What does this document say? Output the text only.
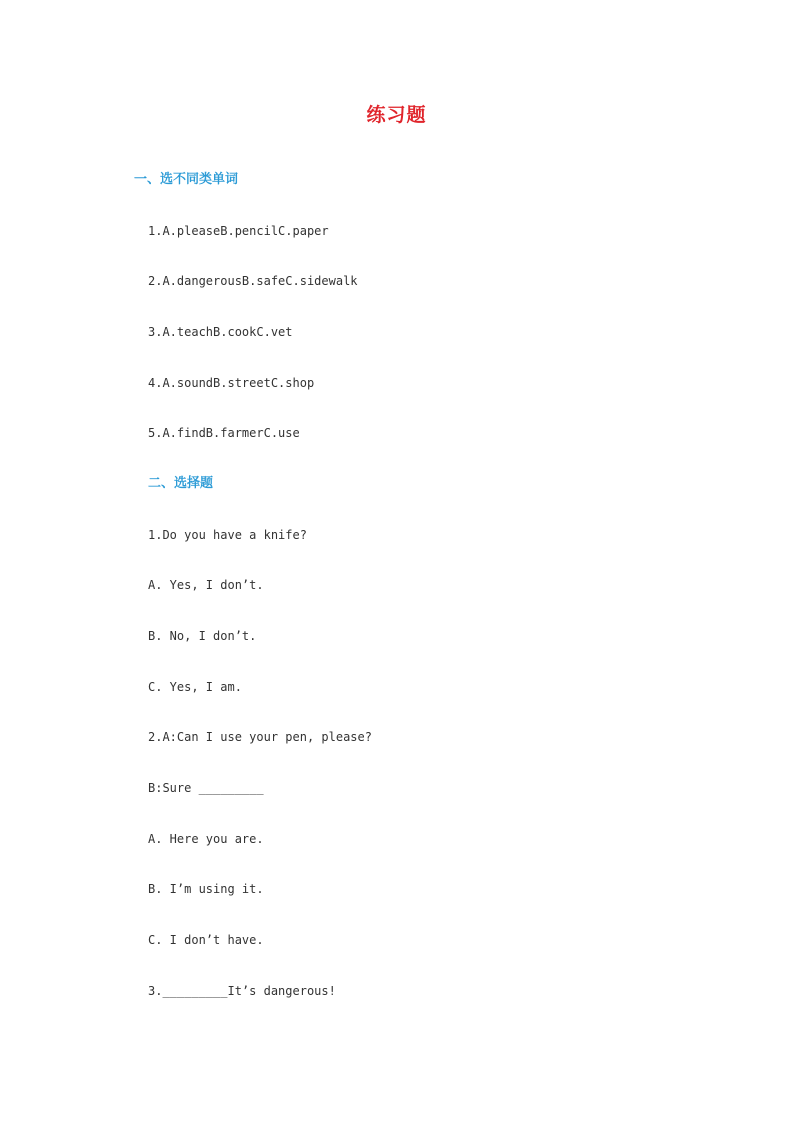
练习题
一、选不同类单词
1.A.pleaseB.pencilC.paper
2.A.dangerousB.safeC.sidewalk
3.A.teachB.cookC.vet
4.A.soundB.streetC.shop
5.A.findB.farmerC.use
二、选择题
1.Do you have a knife?
A. Yes, I don’t.
B. No, I don’t.
C. Yes, I am.
2.A:Can I use your pen, please?
B:Sure _________
A. Here you are.
B. I’m using it.
C. I don’t have.
3._________It’s dangerous!
